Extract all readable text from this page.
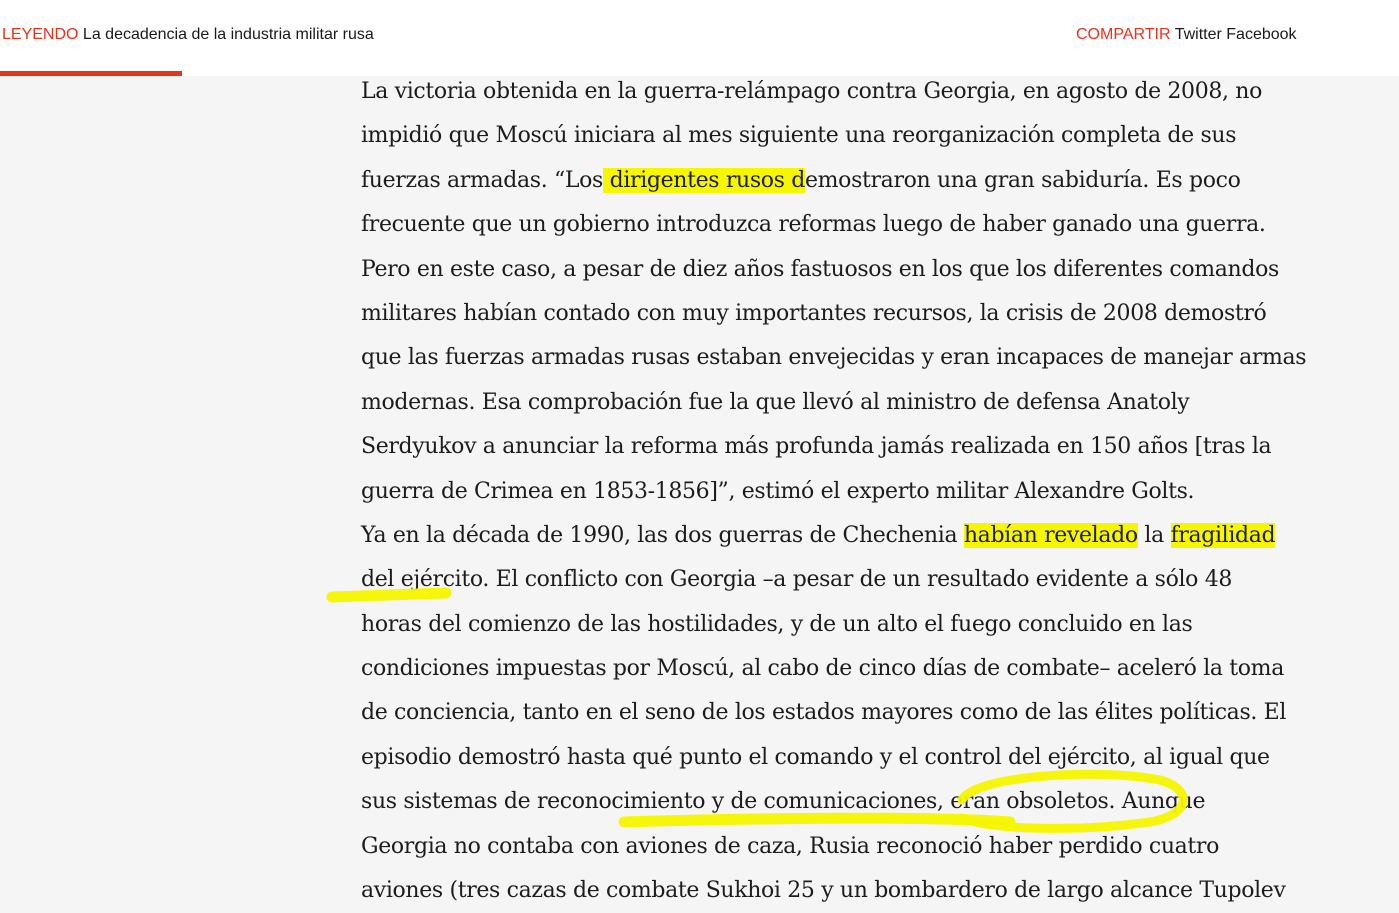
LEYENDO La decadencia de la industria militar rusa	COMPARTIR Twitter Facebook
La victoria obtenida en la guerra-relámpago contra Georgia, en agosto de 2008, no
impidió que Moscú iniciara al mes siguiente una reorganización completa de sus
fuerzas armadas. “Los dirigentes rusos demostraron una gran sabiduría. Es poco
frecuente que un gobierno introduzca reformas luego de haber ganado una guerra.
Pero en este caso, a pesar de diez años fastuosos en los que los diferentes comandos
militares habían contado con muy importantes recursos, la crisis de 2008 demostró
que las fuerzas armadas rusas estaban envejecidas y eran incapaces de manejar armas
modernas. Esa comprobación fue la que llevó al ministro de defensa Anatoly
Serdyukov a anunciar la reforma más profunda jamás realizada en 150 años [tras la
guerra de Crimea en 1853-1856]”, estimó el experto militar Alexandre Golts.
Ya en la década de 1990, las dos guerras de Chechenia habían revelado la fragilidad
del ejército. El conflicto con Georgia –a pesar de un resultado evidente a sólo 48
horas del comienzo de las hostilidades, y de un alto el fuego concluido en las
condiciones impuestas por Moscú, al cabo de cinco días de combate– aceleró la toma
de conciencia, tanto en el seno de los estados mayores como de las élites políticas. El
episodio demostró hasta qué punto el comando y el control del ejército, al igual que
sus sistemas de reconocimiento y de comunicaciones, eran obsoletos. Aunque
Georgia no contaba con aviones de caza, Rusia reconoció haber perdido cuatro
aviones (tres cazas de combate Sukhoi 25 y un bombardero de largo alcance Tupolev
